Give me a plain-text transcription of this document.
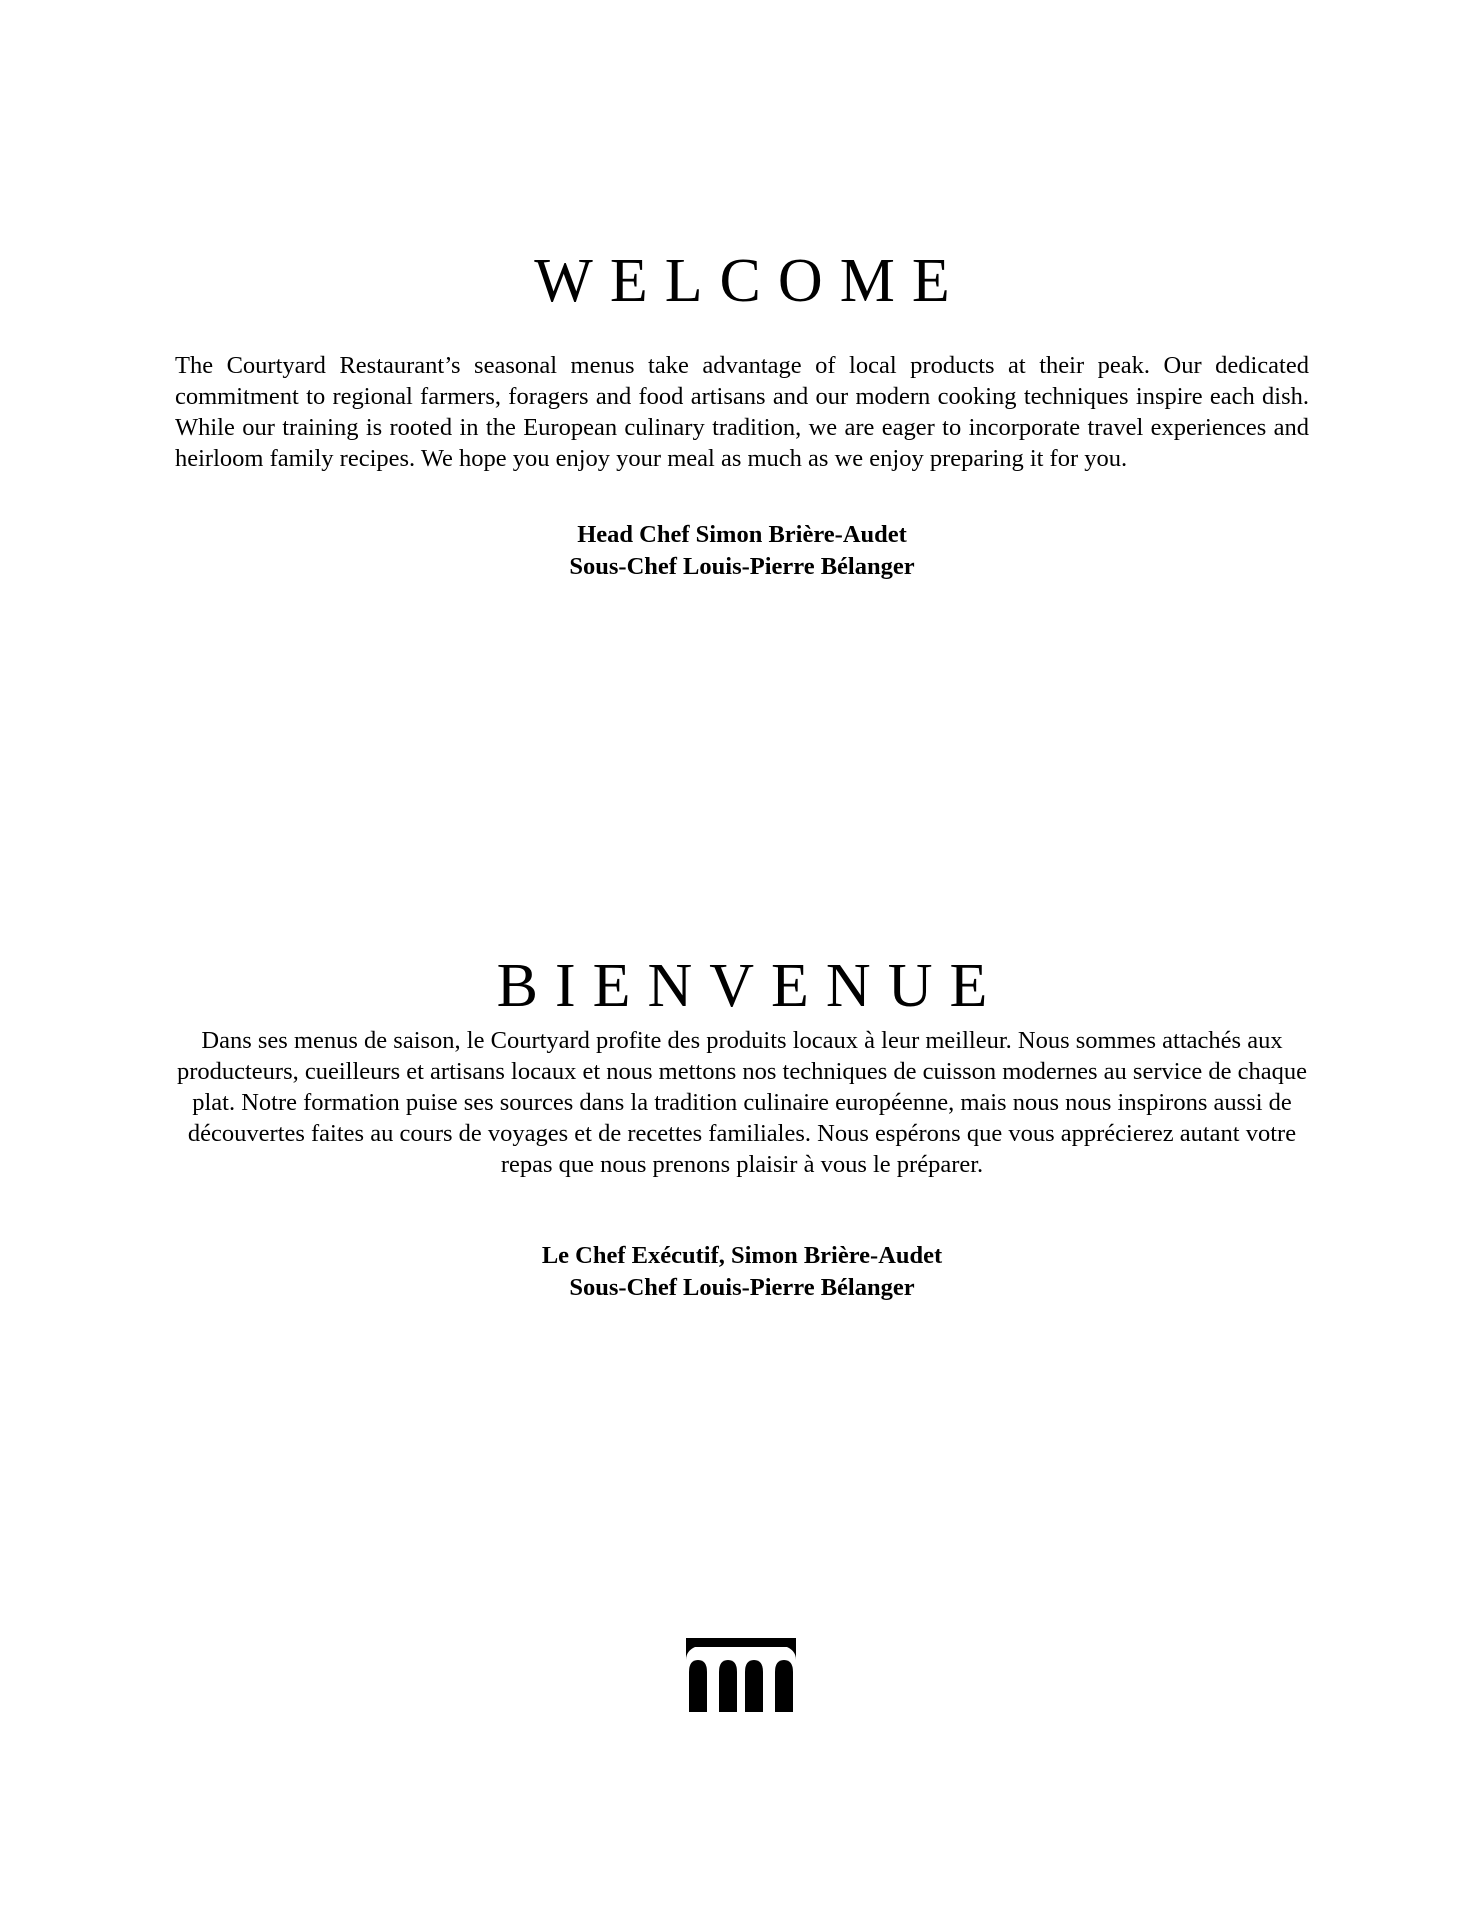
WELCOME

The Courtyard Restaurant’s seasonal menus take advantage of local products at their peak. Our dedicated commitment to regional farmers, foragers and food artisans and our modern cooking techniques inspire each dish. While our training is rooted in the European culinary tradition, we are eager to incorporate travel experiences and heirloom family recipes. We hope you enjoy your meal as much as we enjoy preparing it for you.

Head Chef Simon Brière-Audet
Sous-Chef Louis-Pierre Bélanger
BIENVENUE

Dans ses menus de saison, le Courtyard profite des produits locaux à leur meilleur. Nous sommes attachés aux producteurs, cueilleurs et artisans locaux et nous mettons nos techniques de cuisson modernes au service de chaque plat. Notre formation puise ses sources dans la tradition culinaire européenne, mais nous nous inspirons aussi de découvertes faites au cours de voyages et de recettes familiales. Nous espérons que vous apprécierez autant votre repas que nous prenons plaisir à vous le préparer.

Le Chef Exécutif, Simon Brière-Audet
Sous-Chef Louis-Pierre Bélanger
